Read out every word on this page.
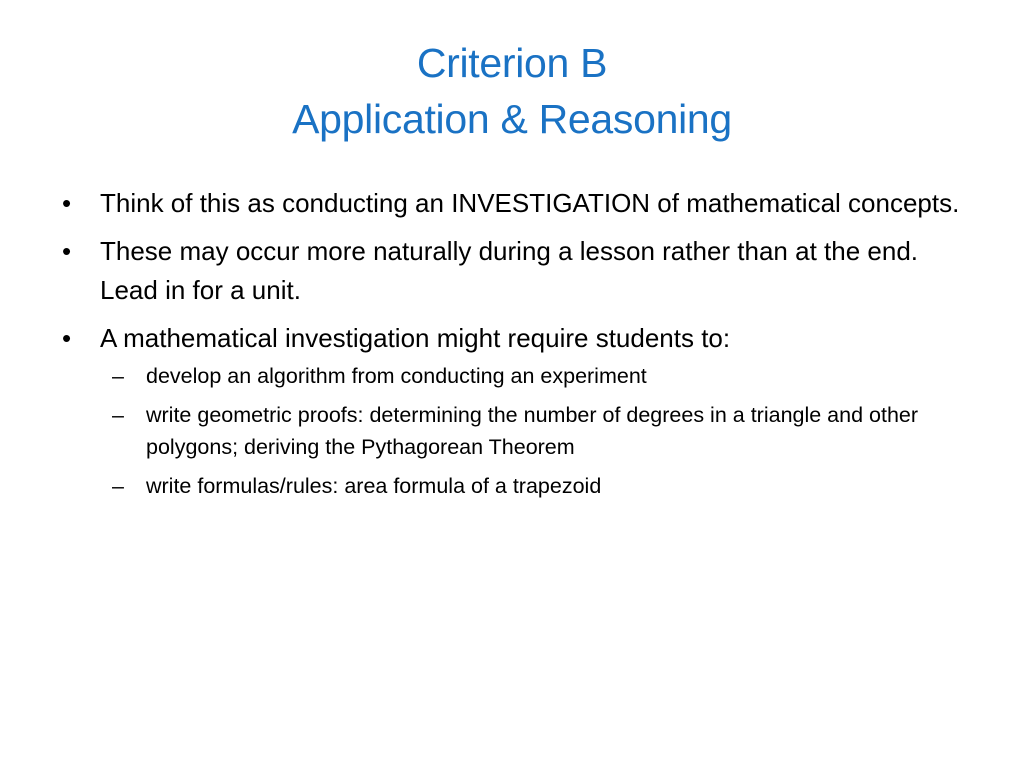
Criterion B
Application & Reasoning
•	Think of this as conducting an INVESTIGATION of mathematical concepts.
•	These may occur more naturally during a lesson rather than at the end. Lead in for a unit.
•	A mathematical investigation might require students to:
–	develop an algorithm from conducting an experiment
–	write geometric proofs: determining the number of degrees in a triangle and other polygons; deriving the Pythagorean Theorem
–	write formulas/rules: area formula of a trapezoid
